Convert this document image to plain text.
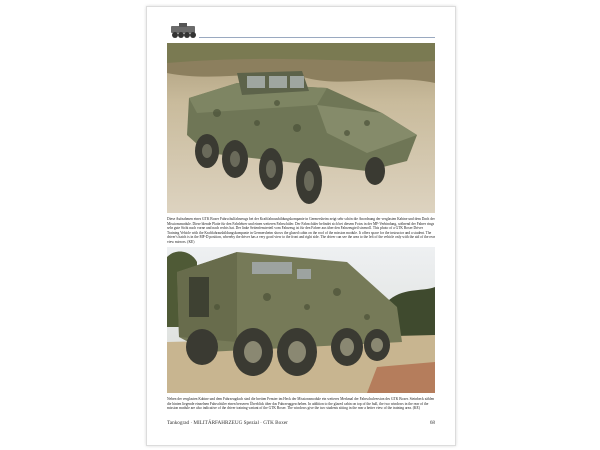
Diese Aufnahmen eines GTK Boxer Fahrschulfahrzeugs bei der Kraftfahrausbildungskompanie in Germersheim zeigt sehr schön die Anordnung der verglasten Kabine und dem Dach der Missionsmodule. Diese blende Platte für den Fahrlehrer und einen weiteren Fahrschüler. Der Fahrschüler befindet sich bei diesem Fotos in der MF-Verbindung, während der Fahrer rings sehr gute Sicht nach vorne und nach rechts hat. Der linke Seitenfensterteil vom Fahrzeug ist für den Fahrer aus über den Fahrzeugteil sinnvoll. This photo of a GTK Boxer Driver Training Vehicle with the Kraftfahrausbildungskompanie in Germersheim shows the glazed cabin on the roof of the mission module. It offers space for the instructor and a student. The driver's hatch is in the MF-D position, whereby the driver has a very good view to the front and right side. The driver can see the area to the left of the vehicle only with the aid of the rear view mirrors. (KE)
Neben der verglasten Kabine und dem Fahrzeugdach sind die breiten Fenster im Heck der Missionsmodule ein weiteres Merkmal der Fahrschulversion des GTK Boxer. Steinbeck zählen die hinten liegende einzelnen Fahrschüler einen besseren Überblick über das Fahrzeuggeschehen. In addition to the glazed cabin on top of the hull, the two windows in the rear of the mission module are also indicative of the driver training variant of the GTK Boxer. The windows give the two students sitting in the rear a better view of the training area. (KE)
Tankograd · MILITÄRFAHRZEUG Spezial · GTK Boxer	68
